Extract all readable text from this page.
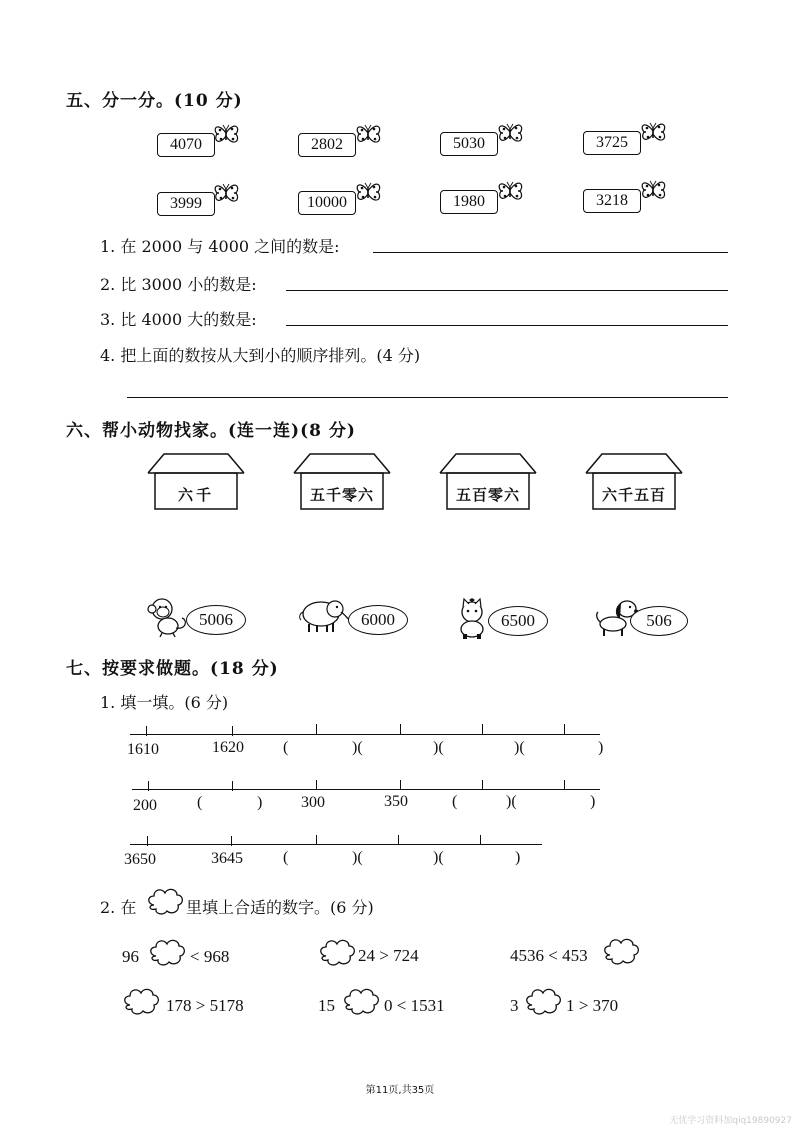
五、分一分。(10 分)
4070	2802	5030	3725
3999	10000	1980	3218
1. 在 2000 与 4000 之间的数是:
2. 比 3000 小的数是:
3. 比 4000 大的数是:
4. 把上面的数按从大到小的顺序排列。(4 分)
六、帮小动物找家。(连一连)(8 分)
六千	五千零六	五百零六	六千五百
5006	6000	6500	506
七、按要求做题。(18 分)
1. 填一填。(6 分)
1610	1620 (	)(	)(	)(	)
200	(	) 300	350	(	)(	)
3650	3645	(	)(	)(	)
2. 在	里填上合适的数字。(6 分)
96	< 968	24 > 724	4536 < 453
178 > 5178	15	0 < 1531	3	1 > 370
第11页,共35页
无忧学习资料加qiq19890927
